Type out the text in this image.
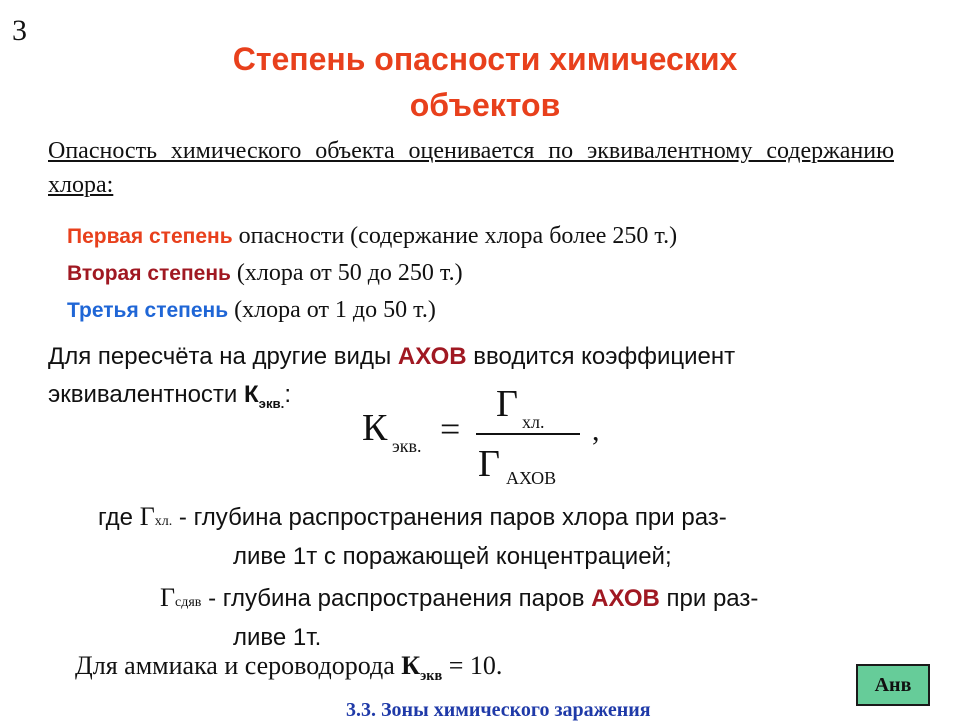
3
Степень опасности химических
объектов
Опасность химического объекта оценивается по эквивалентному содержанию хлора:
Первая степень опасности (содержание хлора более 250 т.)
Вторая степень (хлора от 50 до 250 т.)
Третья степень (хлора от 1 до 50 т.)
Для пересчёта на другие виды АХОВ вводится коэффициент
эквивалентности $К_{экв.}$:
К экв. =
Г хл.
Г АХОВ
,
где Гхл. - глубина распространения паров хлора при раз-
ливе 1т с поражающей концентрацией;
Гсдяв - глубина распространения паров АХОВ при раз-
ливе 1т.
Для аммиака и сероводорода $К_{экв} = 10$.
Анв
3.3. Зоны химического заражения
